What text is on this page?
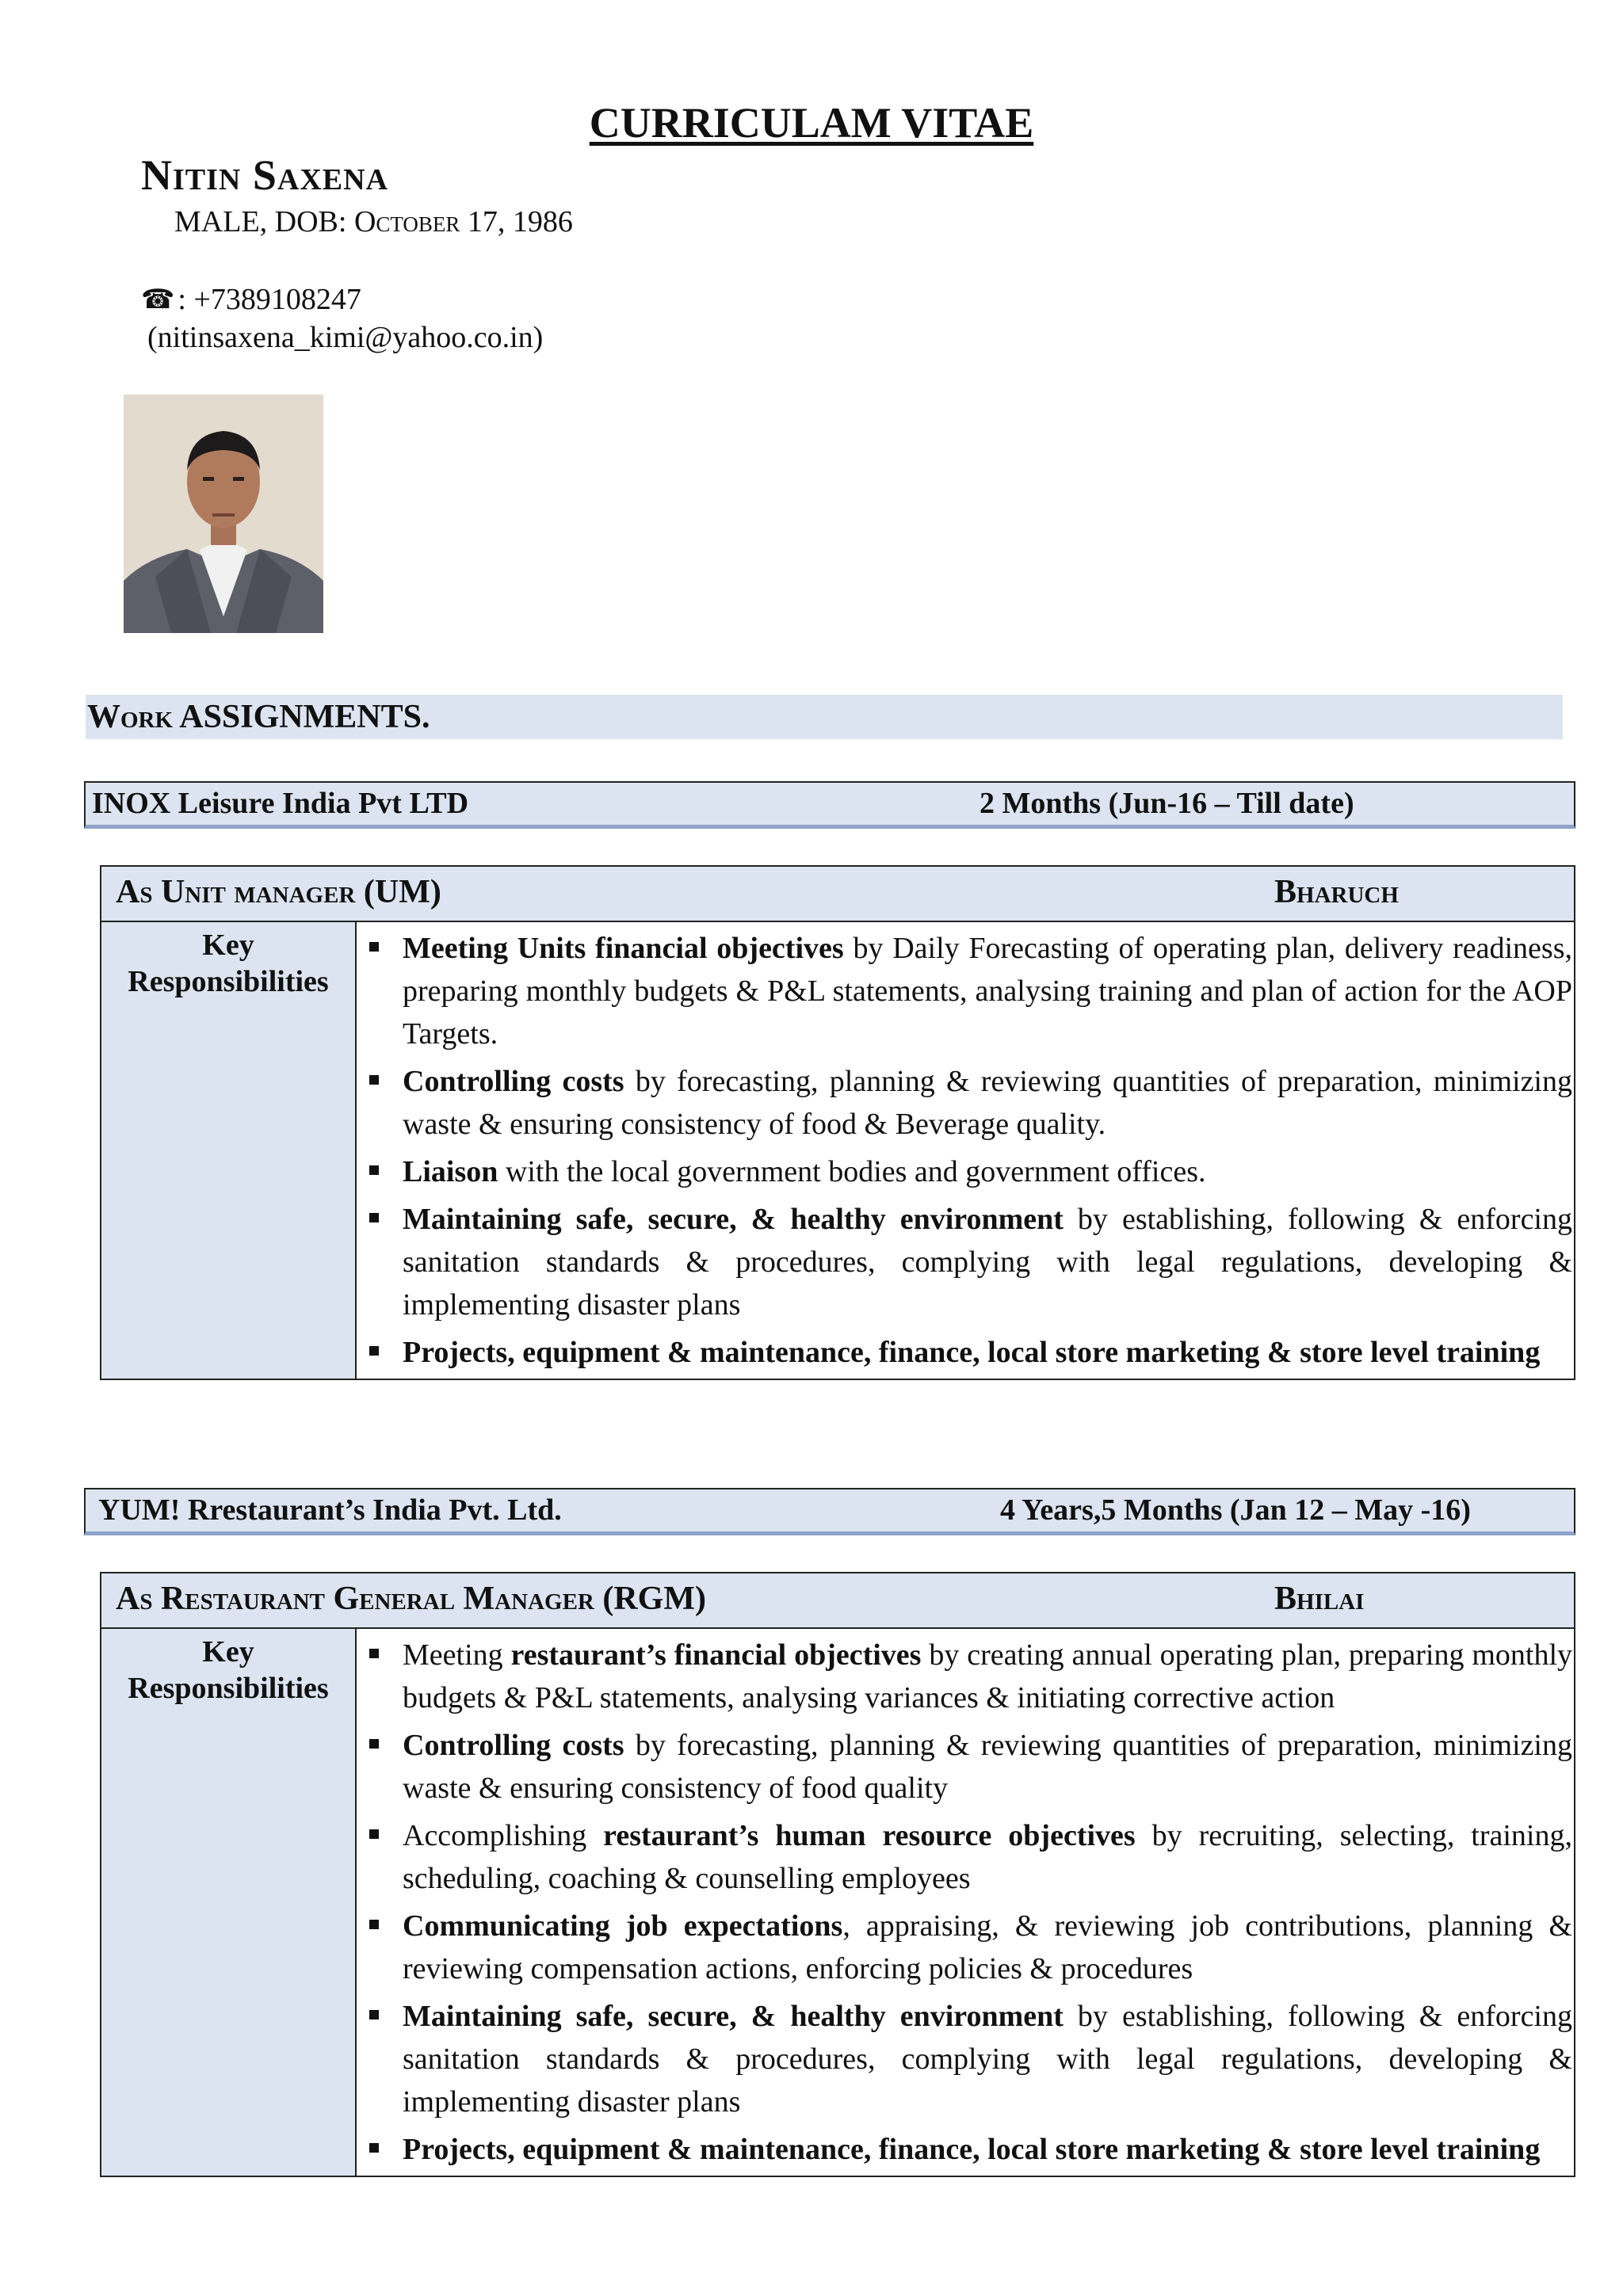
CURRICULAM VITAE
Nitin Saxena
MALE, DOB: October 17, 1986
☎ : +7389108247
(nitinsaxena_kimi@yahoo.co.in)
Work ASSIGNMENTS.
INOX Leisure India Pvt LTD	2 Months (Jun-16 – Till date)
As Unit manager (UM)	Bharuch
Key
Responsibilities
Meeting Units financial objectives by Daily Forecasting of operating plan, delivery readiness, preparing monthly budgets & P&L statements, analysing training and plan of action for the AOP Targets.
Controlling costs by forecasting, planning & reviewing quantities of preparation, minimizing waste & ensuring consistency of food & Beverage quality.
Liaison with the local government bodies and government offices.
Maintaining safe, secure, & healthy environment by establishing, following & enforcing sanitation standards & procedures, complying with legal regulations, developing & implementing disaster plans
Projects, equipment & maintenance, finance, local store marketing & store level training
YUM! Rrestaurant’s India Pvt. Ltd.	4 Years,5 Months (Jan 12 – May -16)
As Restaurant General Manager (RGM)	Bhilai
Key
Responsibilities
Meeting restaurant’s financial objectives by creating annual operating plan, preparing monthly budgets & P&L statements, analysing variances & initiating corrective action
Controlling costs by forecasting, planning & reviewing quantities of preparation, minimizing waste & ensuring consistency of food quality
Accomplishing restaurant’s human resource objectives by recruiting, selecting, training, scheduling, coaching & counselling employees
Communicating job expectations, appraising, & reviewing job contributions, planning & reviewing compensation actions, enforcing policies & procedures
Maintaining safe, secure, & healthy environment by establishing, following & enforcing sanitation standards & procedures, complying with legal regulations, developing & implementing disaster plans
Projects, equipment & maintenance, finance, local store marketing & store level training
